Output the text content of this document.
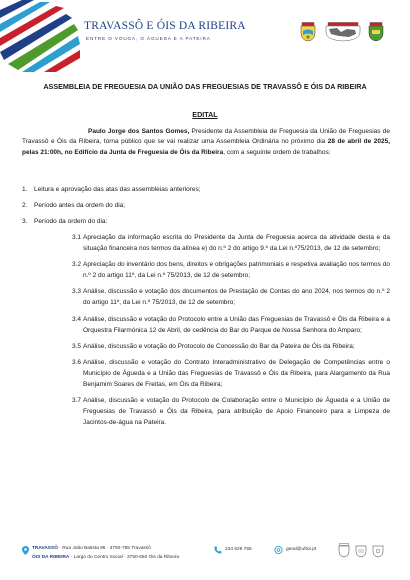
TRAVASSÔ E ÓIS DA RIBEIRA
ENTRE O VOUGA, O ÁGUEDA E A PATEIRA
ASSEMBLEIA DE FREGUESIA DA UNIÃO DAS FREGUESIAS DE TRAVASSÔ E ÓIS DA RIBEIRA
EDITAL

Paulo Jorge dos Santos Gomes, Presidente da Assembleia de Freguesia da União de Freguesias de Travassô e Óis da Ribeira, torna público que se vai realizar uma Assembleia Ordinária no próximo dia 28 de abril de 2025, pelas 21:00h, no Edifício da Junta de Freguesia de Óis da Ribeira, com a seguinte ordem de trabalhos:

1. Leitura e aprovação das atas das assembleias anteriores;
2. Período antes da ordem do dia;
3. Período da ordem do dia:
3.1 Apreciação da informação escrita do Presidente da Junta de Freguesia acerca da atividade desta e da situação financeira nos termos da alínea e) do n.º 2 do artigo 9.º da Lei n.º75/2013, de 12 de setembro;
3.2 Apreciação do inventário dos bens, direitos e obrigações patrimoniais e respetiva avaliação nos termos do n.º 2 do artigo 11º, da Lei n.º 75/2013, de 12 de setembro;
3.3 Análise, discussão e votação dos documentos de Prestação de Contas do ano 2024, nos termos do n.º 2 do artigo 11º, da Lei n.º 75/2013, de 12 de setembro;
3.4 Análise, discussão e votação do Protocolo entre a União das Freguesias de Travassô e Óis da Ribeira e a Orquestra Filarmónica 12 de Abril, de cedência do Bar do Parque de Nossa Senhora do Amparo;
3.5 Análise, discussão e votação do Protocolo de Concessão do Bar da Pateira de Óis da Ribeira;
3.6 Análise, discussão e votação do Contrato Interadministrativo de Delegação de Competências entre o Município de Águeda e a União das Freguesias de Travassô e Óis da Ribeira, para Alargamento da Rua Benjamim Soares de Freitas, em Óis da Ribeira;
3.7 Análise, discussão e votação do Protocolo de Colaboração entre o Município de Águeda e a União de Freguesias de Travassô e Óis da Ribeira, para atribuição de Apoio Financeiro para a Limpeza de Jacintos-de-água na Pateira.
TRAVASSÔ · Rua João Batista 95 · 3750-755 Travassô
ÓIS DA RIBEIRA · Largo do Centro Social · 3750-650 Óis da Ribeira
234 629 755	geral@uftor.pt
